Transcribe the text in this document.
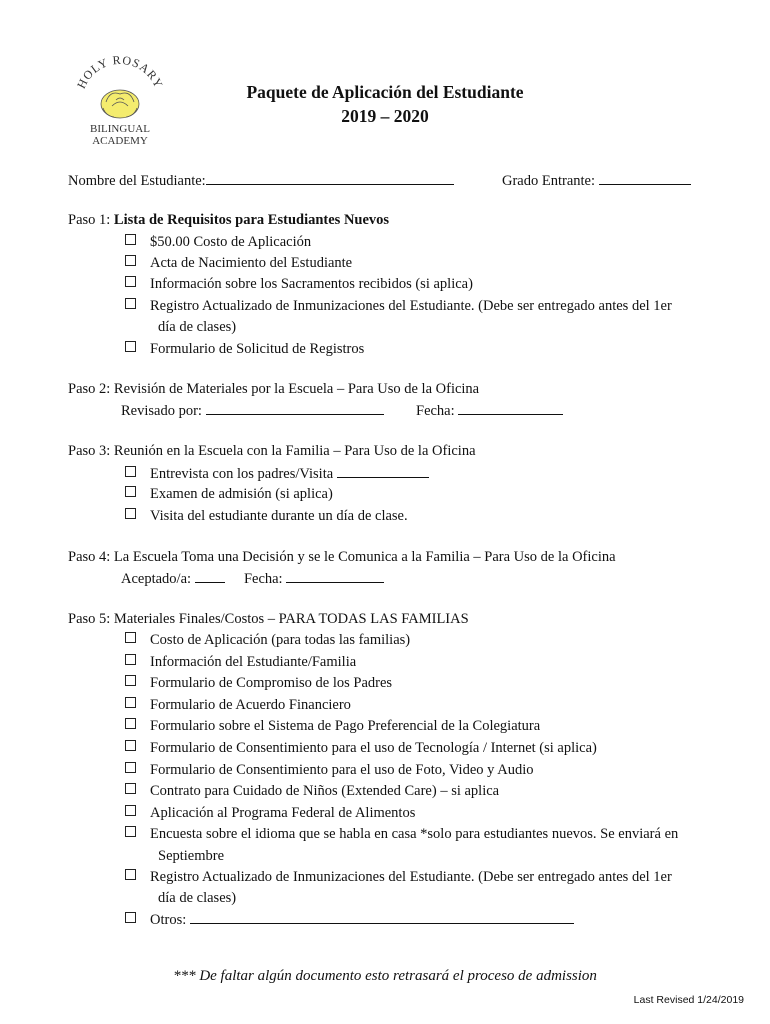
HOLY ROSARY
BILINGUAL
ACADEMY
Paquete de Aplicación del Estudiante
2019 – 2020
Nombre del Estudiante:	Grado Entrante:
Paso 1: Lista de Requisitos para Estudiantes Nuevos
$50.00 Costo de Aplicación
Acta de Nacimiento del Estudiante
Información sobre los Sacramentos recibidos (si aplica)
Registro Actualizado de Inmunizaciones del Estudiante. (Debe ser entregado antes del 1er
día de clases)
Formulario de Solicitud de Registros
Paso 2: Revisión de Materiales por la Escuela – Para Uso de la Oficina
Revisado por:	Fecha:
Paso 3: Reunión en la Escuela con la Familia – Para Uso de la Oficina
Entrevista con los padres/Visita
Examen de admisión (si aplica)
Visita del estudiante durante un día de clase.
Paso 4: La Escuela Toma una Decisión y se le Comunica a la Familia – Para Uso de la Oficina
Aceptado/a:	Fecha:
Paso 5: Materiales Finales/Costos – PARA TODAS LAS FAMILIAS
Costo de Aplicación (para todas las familias)
Información del Estudiante/Familia
Formulario de Compromiso de los Padres
Formulario de Acuerdo Financiero
Formulario sobre el Sistema de Pago Preferencial de la Colegiatura
Formulario de Consentimiento para el uso de Tecnología / Internet (si aplica)
Formulario de Consentimiento para el uso de Foto, Video y Audio
Contrato para Cuidado de Niños (Extended Care) – si aplica
Aplicación al Programa Federal de Alimentos
Encuesta sobre el idioma que se habla en casa *solo para estudiantes nuevos. Se enviará en
Septiembre
Registro Actualizado de Inmunizaciones del Estudiante. (Debe ser entregado antes del 1er
día de clases)
Otros:
*** De faltar algún documento esto retrasará el proceso de admission
Last Revised 1/24/2019
